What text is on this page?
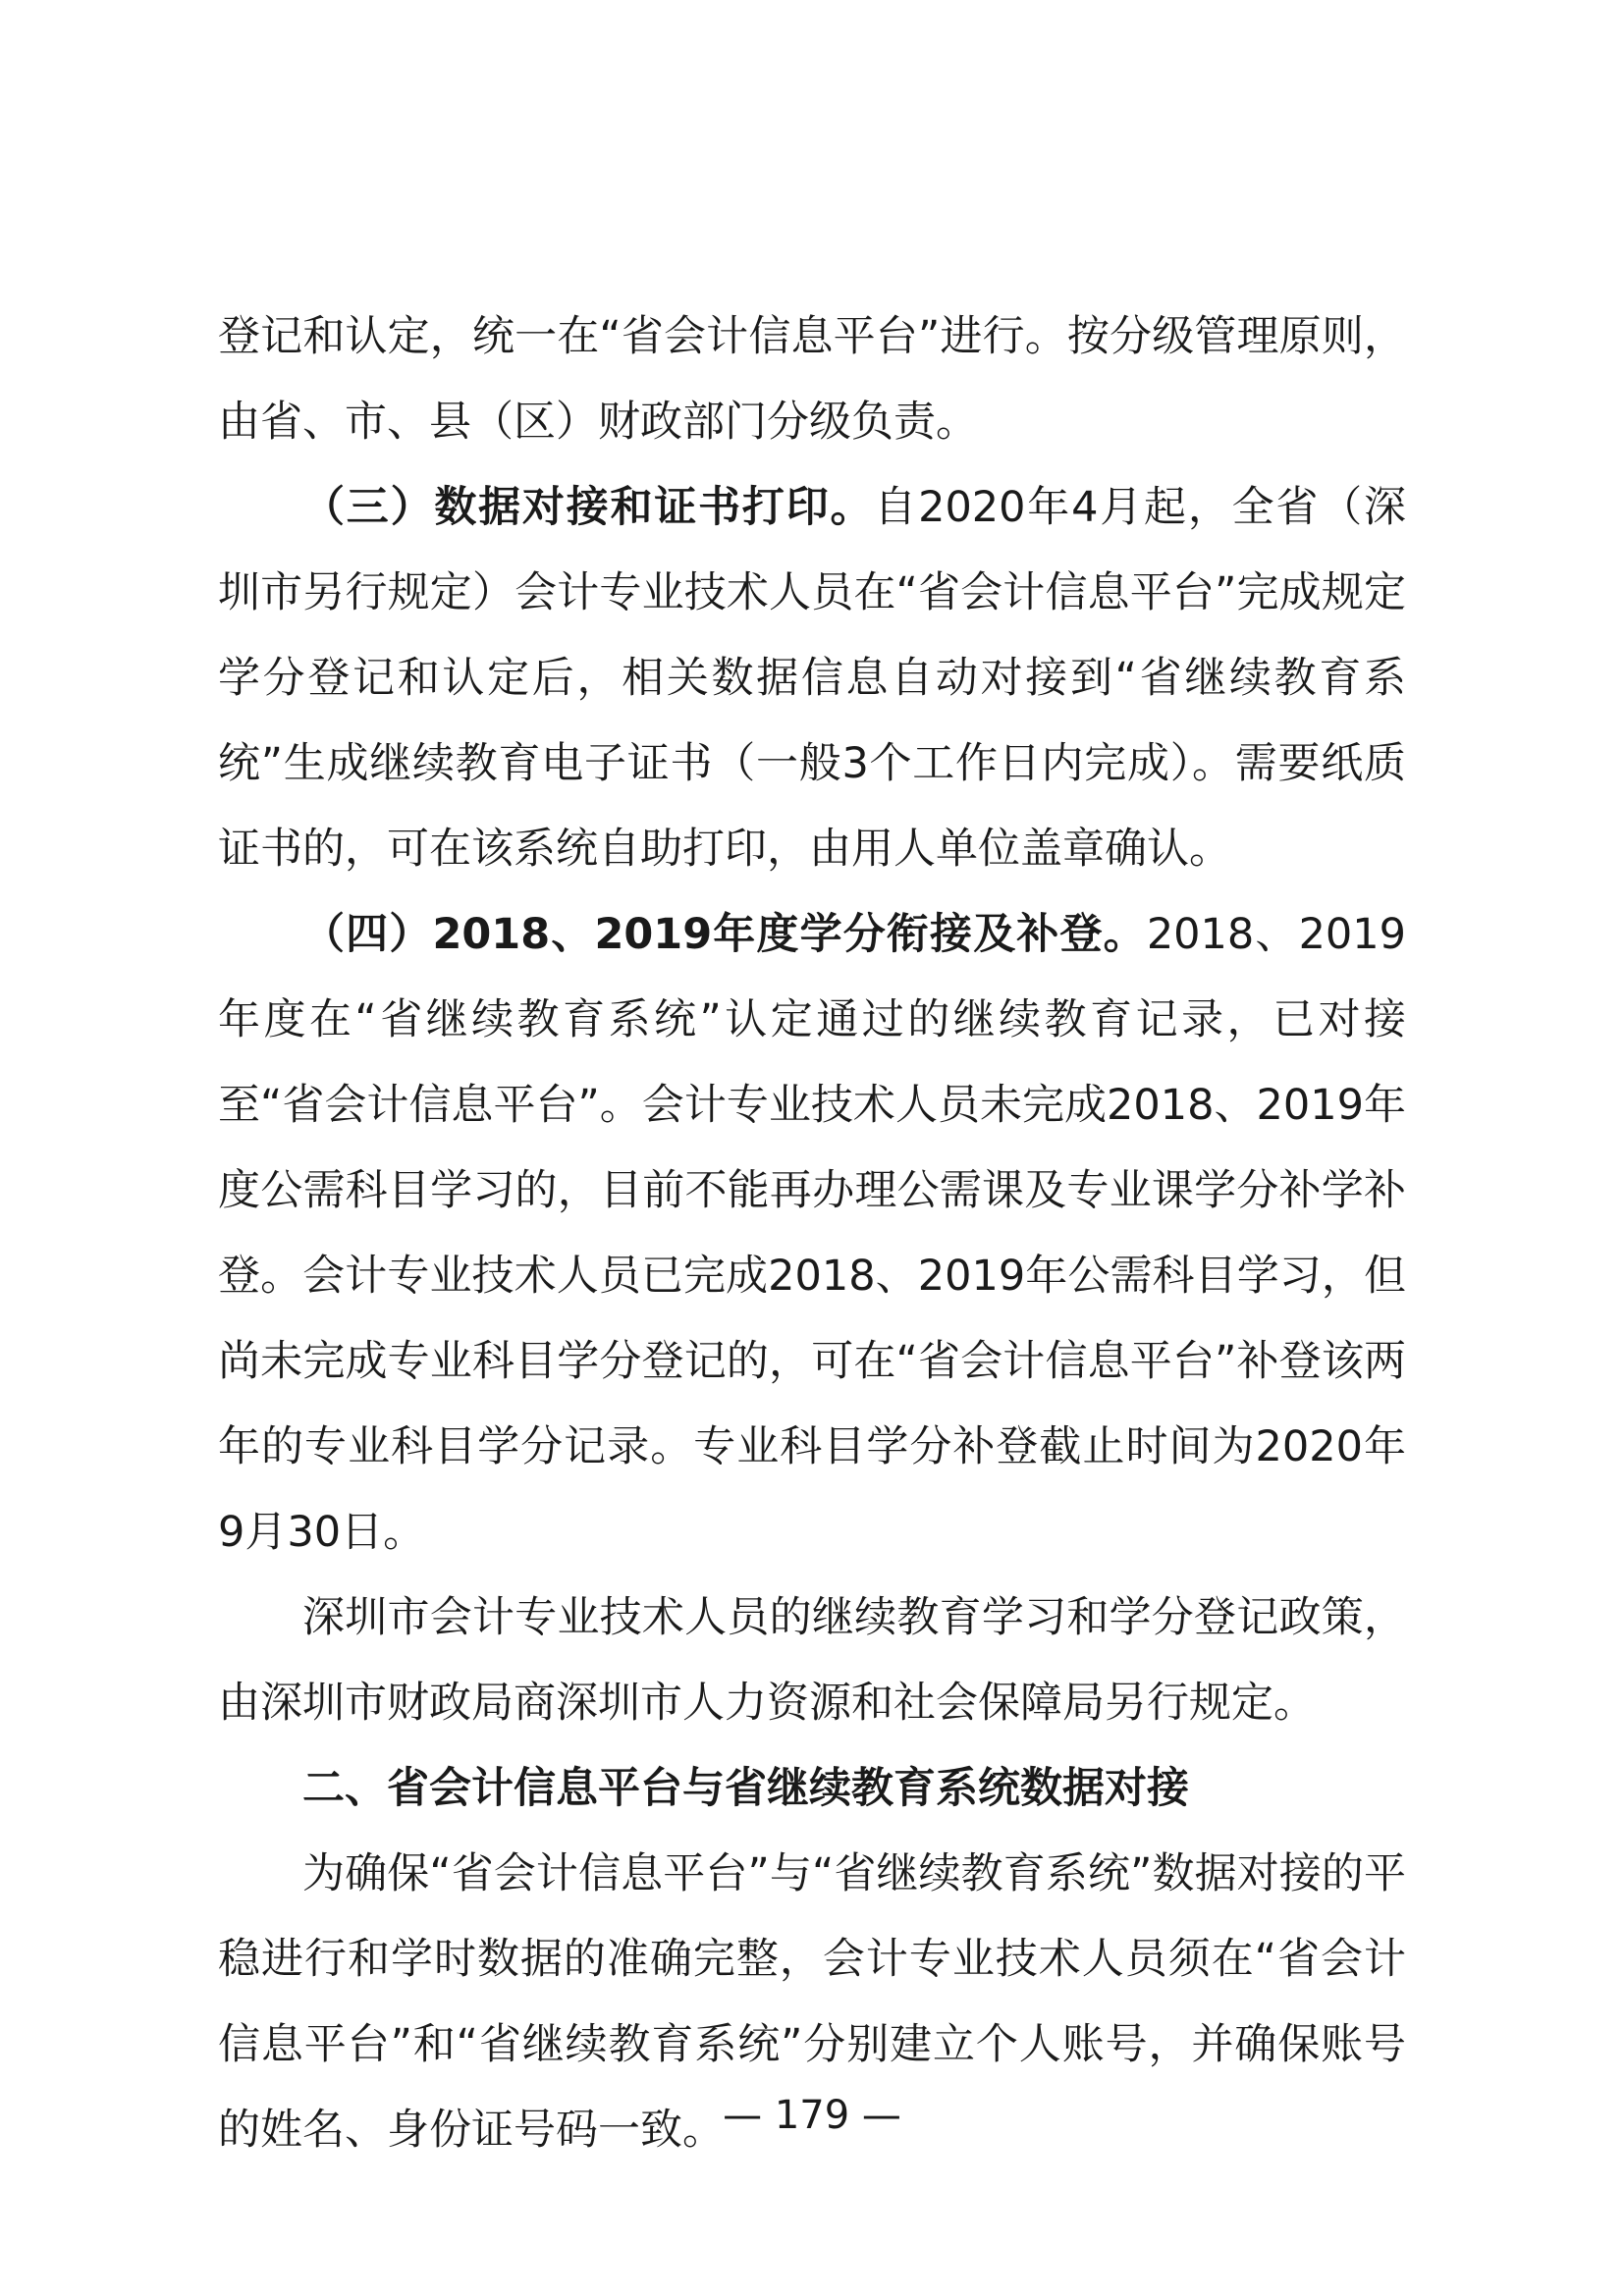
登记和认定，统一在“省会计信息平台”进行。按分级管理原则，由省、市、县（区）财政部门分级负责。

（三）数据对接和证书打印。自2020年4月起，全省（深圳市另行规定）会计专业技术人员在“省会计信息平台”完成规定学分登记和认定后，相关数据信息自动对接到“省继续教育系统”生成继续教育电子证书（一般3个工作日内完成）。需要纸质证书的，可在该系统自助打印，由用人单位盖章确认。

（四）2018、2019年度学分衔接及补登。2018、2019年度在“省继续教育系统”认定通过的继续教育记录，已对接至“省会计信息平台”。会计专业技术人员未完成2018、2019年度公需科目学习的，目前不能再办理公需课及专业课学分补学补登。会计专业技术人员已完成2018、2019年公需科目学习，但尚未完成专业科目学分登记的，可在“省会计信息平台”补登该两年的专业科目学分记录。专业科目学分补登截止时间为2020年9月30日。

深圳市会计专业技术人员的继续教育学习和学分登记政策，由深圳市财政局商深圳市人力资源和社会保障局另行规定。

二、省会计信息平台与省继续教育系统数据对接

为确保“省会计信息平台”与“省继续教育系统”数据对接的平稳进行和学时数据的准确完整，会计专业技术人员须在“省会计信息平台”和“省继续教育系统”分别建立个人账号，并确保账号的姓名、身份证号码一致。

— 179 —
